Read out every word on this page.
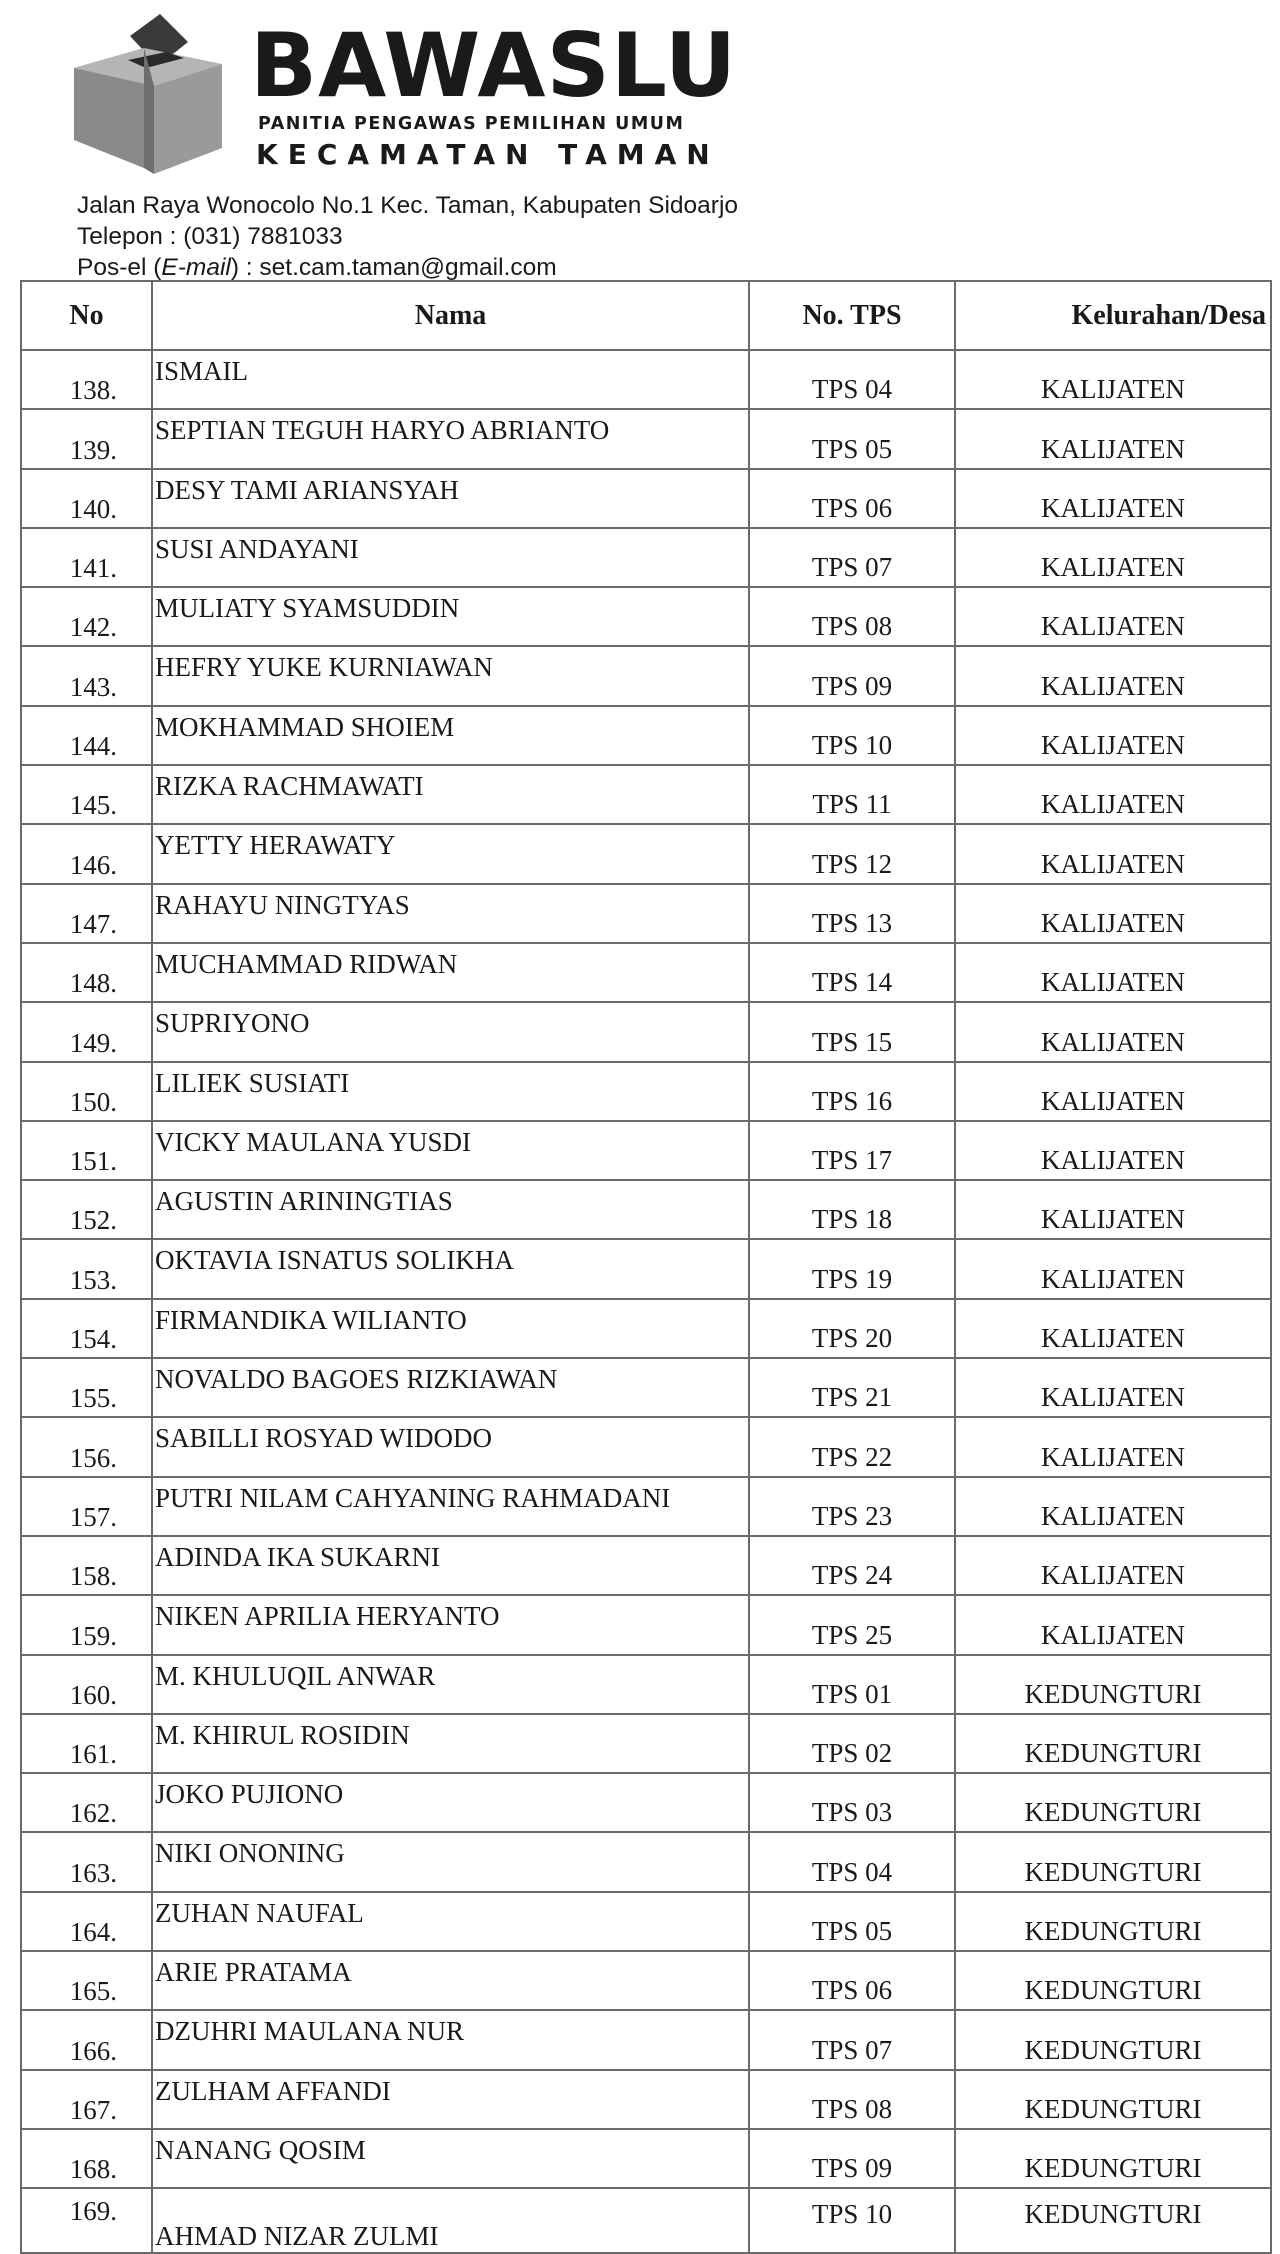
BAWASLU
PANITIA PENGAWAS PEMILIHAN UMUM
KECAMATAN TAMAN
Jalan Raya Wonocolo No.1 Kec. Taman, Kabupaten Sidoarjo
Telepon : (031) 7881033
Pos-el (E-mail) : set.cam.taman@gmail.com
No	Nama	No. TPS	Kelurahan/Desa
138.	ISMAIL	TPS 04	KALIJATEN
139.	SEPTIAN TEGUH HARYO ABRIANTO	TPS 05	KALIJATEN
140.	DESY TAMI ARIANSYAH	TPS 06	KALIJATEN
141.	SUSI ANDAYANI	TPS 07	KALIJATEN
142.	MULIATY SYAMSUDDIN	TPS 08	KALIJATEN
143.	HEFRY YUKE KURNIAWAN	TPS 09	KALIJATEN
144.	MOKHAMMAD SHOIEM	TPS 10	KALIJATEN
145.	RIZKA RACHMAWATI	TPS 11	KALIJATEN
146.	YETTY HERAWATY	TPS 12	KALIJATEN
147.	RAHAYU NINGTYAS	TPS 13	KALIJATEN
148.	MUCHAMMAD RIDWAN	TPS 14	KALIJATEN
149.	SUPRIYONO	TPS 15	KALIJATEN
150.	LILIEK SUSIATI	TPS 16	KALIJATEN
151.	VICKY MAULANA YUSDI	TPS 17	KALIJATEN
152.	AGUSTIN ARININGTIAS	TPS 18	KALIJATEN
153.	OKTAVIA ISNATUS SOLIKHA	TPS 19	KALIJATEN
154.	FIRMANDIKA WILIANTO	TPS 20	KALIJATEN
155.	NOVALDO BAGOES RIZKIAWAN	TPS 21	KALIJATEN
156.	SABILLI ROSYAD WIDODO	TPS 22	KALIJATEN
157.	PUTRI NILAM CAHYANING RAHMADANI	TPS 23	KALIJATEN
158.	ADINDA IKA SUKARNI	TPS 24	KALIJATEN
159.	NIKEN APRILIA HERYANTO	TPS 25	KALIJATEN
160.	M. KHULUQIL ANWAR	TPS 01	KEDUNGTURI
161.	M. KHIRUL ROSIDIN	TPS 02	KEDUNGTURI
162.	JOKO PUJIONO	TPS 03	KEDUNGTURI
163.	NIKI ONONING	TPS 04	KEDUNGTURI
164.	ZUHAN NAUFAL	TPS 05	KEDUNGTURI
165.	ARIE PRATAMA	TPS 06	KEDUNGTURI
166.	DZUHRI MAULANA NUR	TPS 07	KEDUNGTURI
167.	ZULHAM AFFANDI	TPS 08	KEDUNGTURI
168.	NANANG QOSIM	TPS 09	KEDUNGTURI
169.	AHMAD NIZAR ZULMI	TPS 10	KEDUNGTURI
